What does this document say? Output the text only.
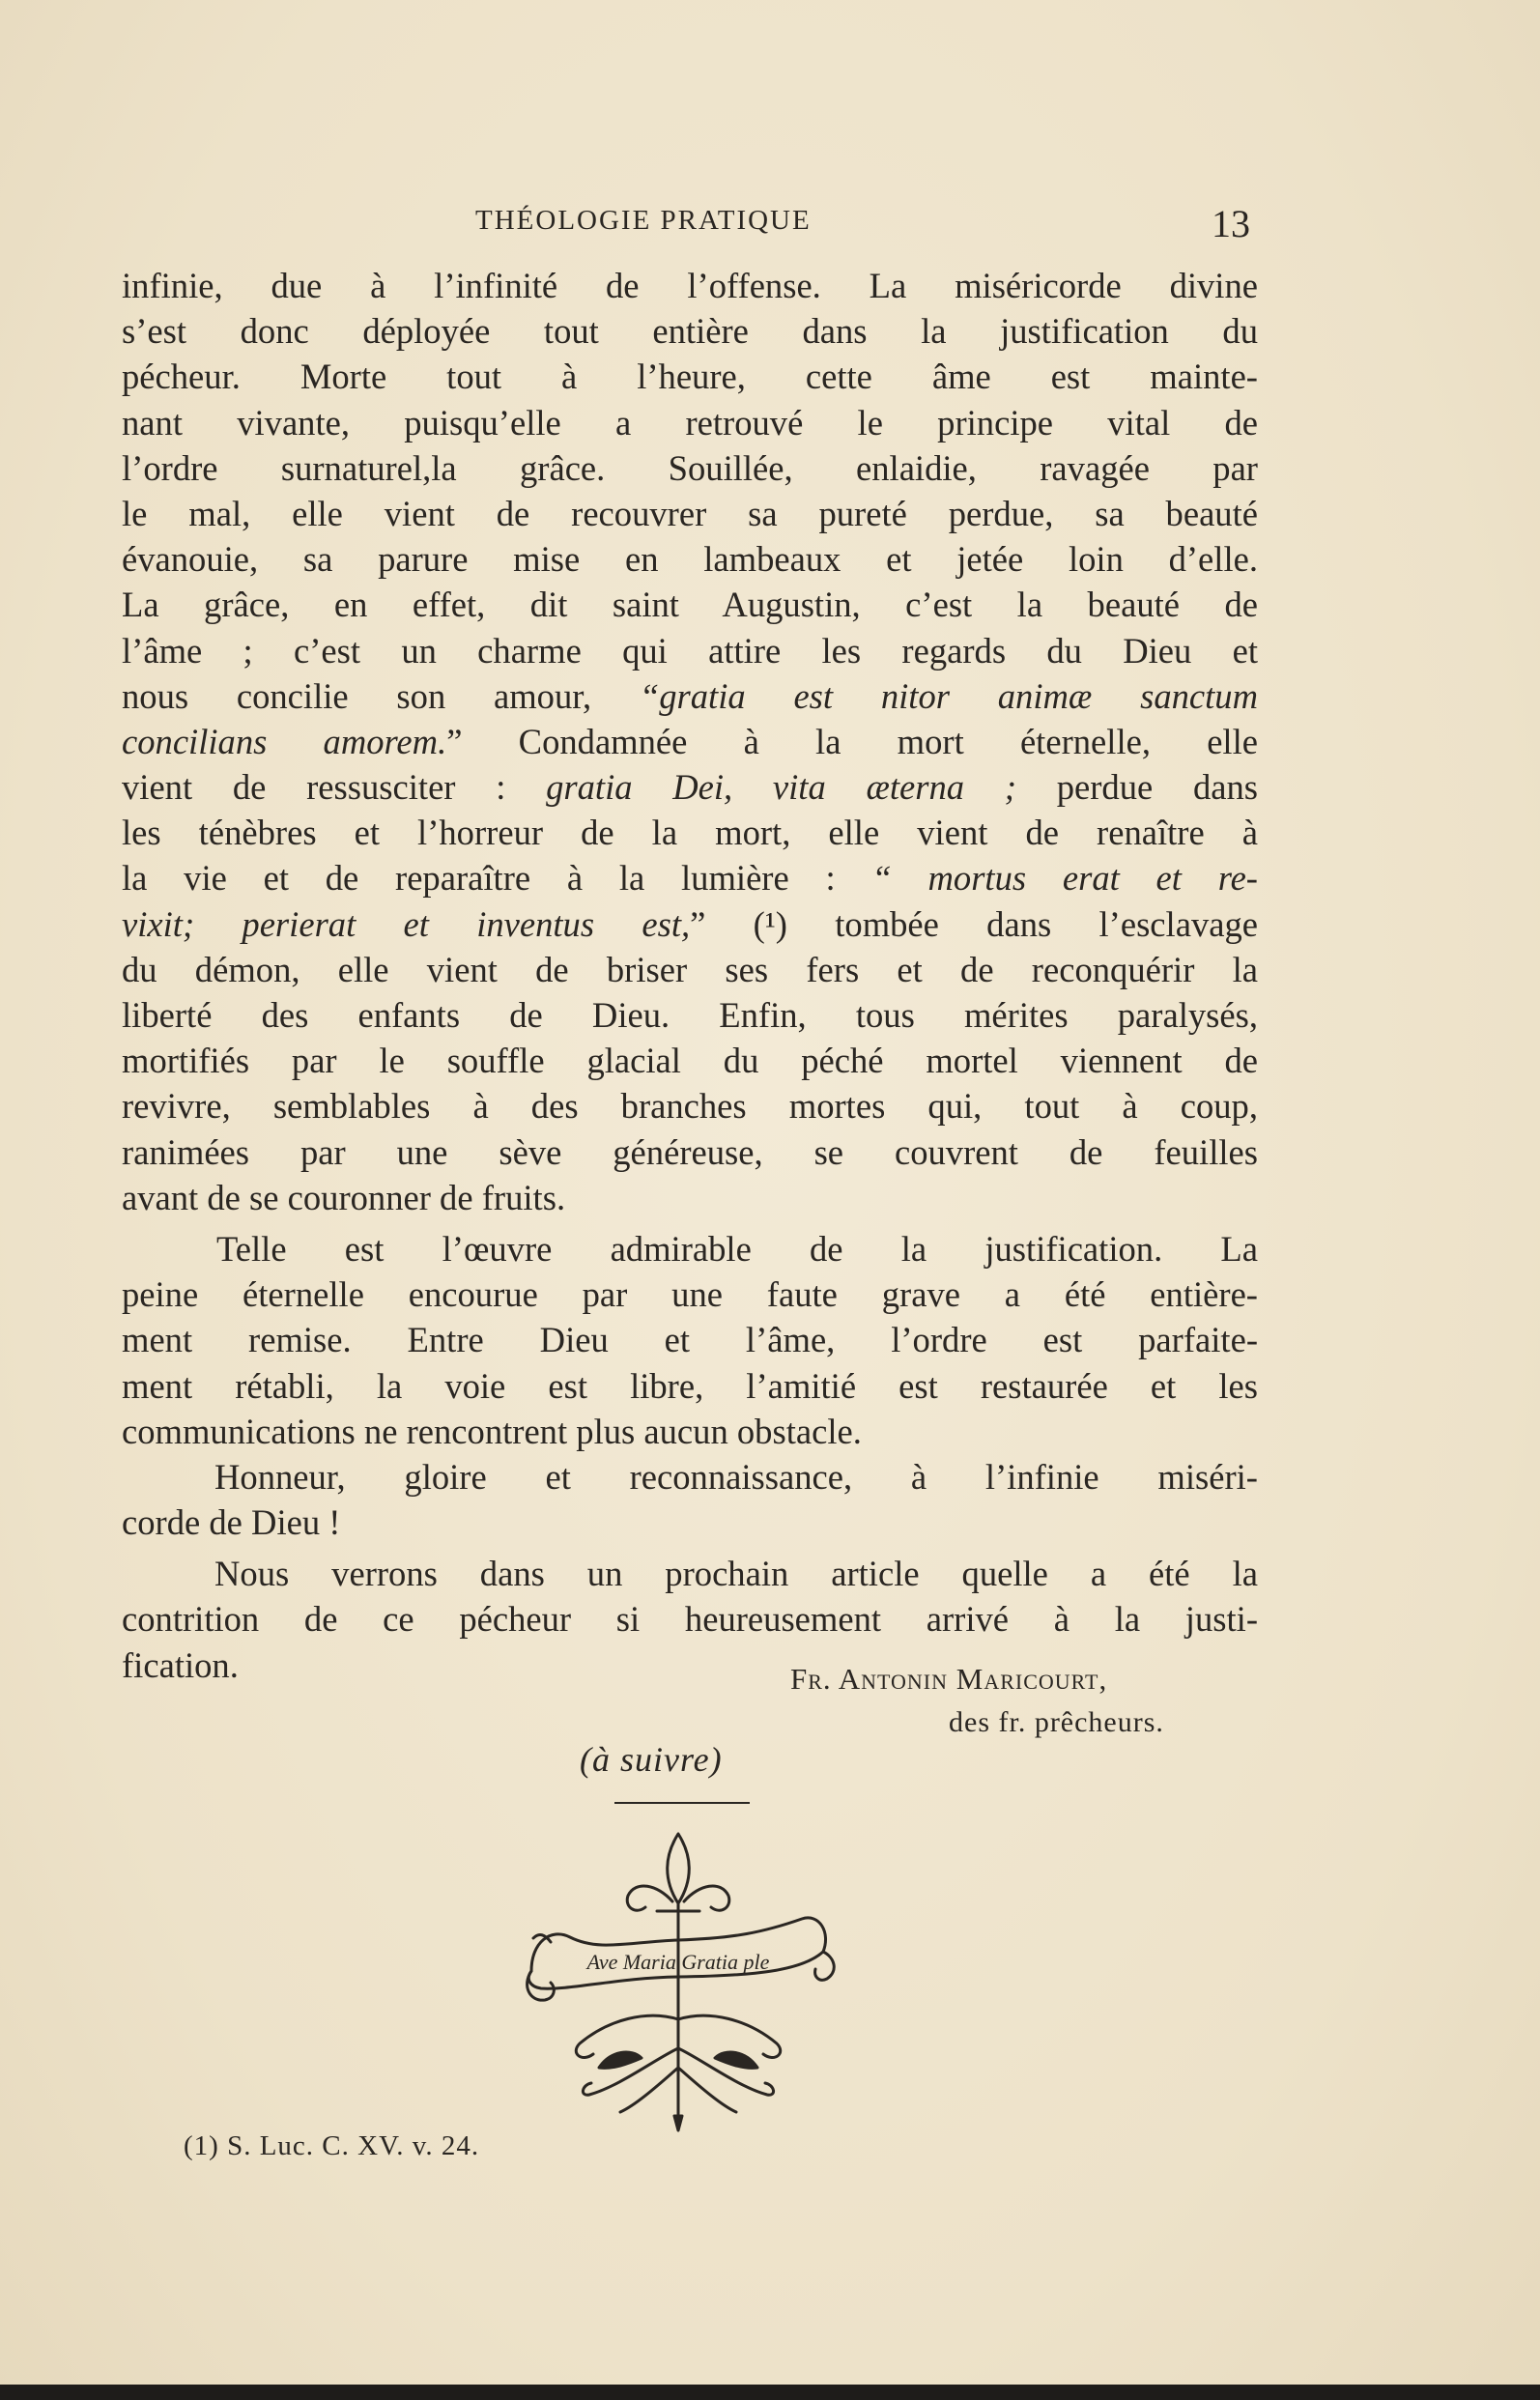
THÉOLOGIE PRATIQUE	13
infinie, due à l’infinité de l’offense. La miséricorde divine
s’est donc déployée tout entière dans la justification du
pécheur. Morte tout à l’heure, cette âme est mainte-
nant vivante, puisqu’elle a retrouvé le principe vital de
l’ordre surnaturel,la grâce. Souillée, enlaidie, ravagée par
le mal, elle vient de recouvrer sa pureté perdue, sa beauté
évanouie, sa parure mise en lambeaux et jetée loin d’elle.
La grâce, en effet, dit saint Augustin, c’est la beauté de
l’âme ; c’est un charme qui attire les regards du Dieu et
nous concilie son amour, “gratia est nitor animæ sanctum
concilians amorem.” Condamnée à la mort éternelle, elle
vient de ressusciter : gratia Dei, vita æterna ; perdue dans
les ténèbres et l’horreur de la mort, elle vient de renaître à
la vie et de reparaître à la lumière : “ mortus erat et re-
vixit; perierat et inventus est,” (¹) tombée dans l’esclavage
du démon, elle vient de briser ses fers et de reconquérir la
liberté des enfants de Dieu. Enfin, tous mérites paralysés,
mortifiés par le souffle glacial du péché mortel viennent de
revivre, semblables à des branches mortes qui, tout à coup,
ranimées par une sève généreuse, se couvrent de feuilles
avant de se couronner de fruits.
Telle est l’œuvre admirable de la justification. La
peine éternelle encourue par une faute grave a été entière-
ment remise. Entre Dieu et l’âme, l’ordre est parfaite-
ment rétabli, la voie est libre, l’amitié est restaurée et les
communications ne rencontrent plus aucun obstacle.
Honneur, gloire et reconnaissance, à l’infinie miséri-
corde de Dieu !
Nous verrons dans un prochain article quelle a été la
contrition de ce pécheur si heureusement arrivé à la justi-
fication.	Fr. Antonin Maricourt,
des fr. prêcheurs.
(à suivre)
Ave Maria Gratia ple
(1) S. Luc. C. XV. v. 24.
